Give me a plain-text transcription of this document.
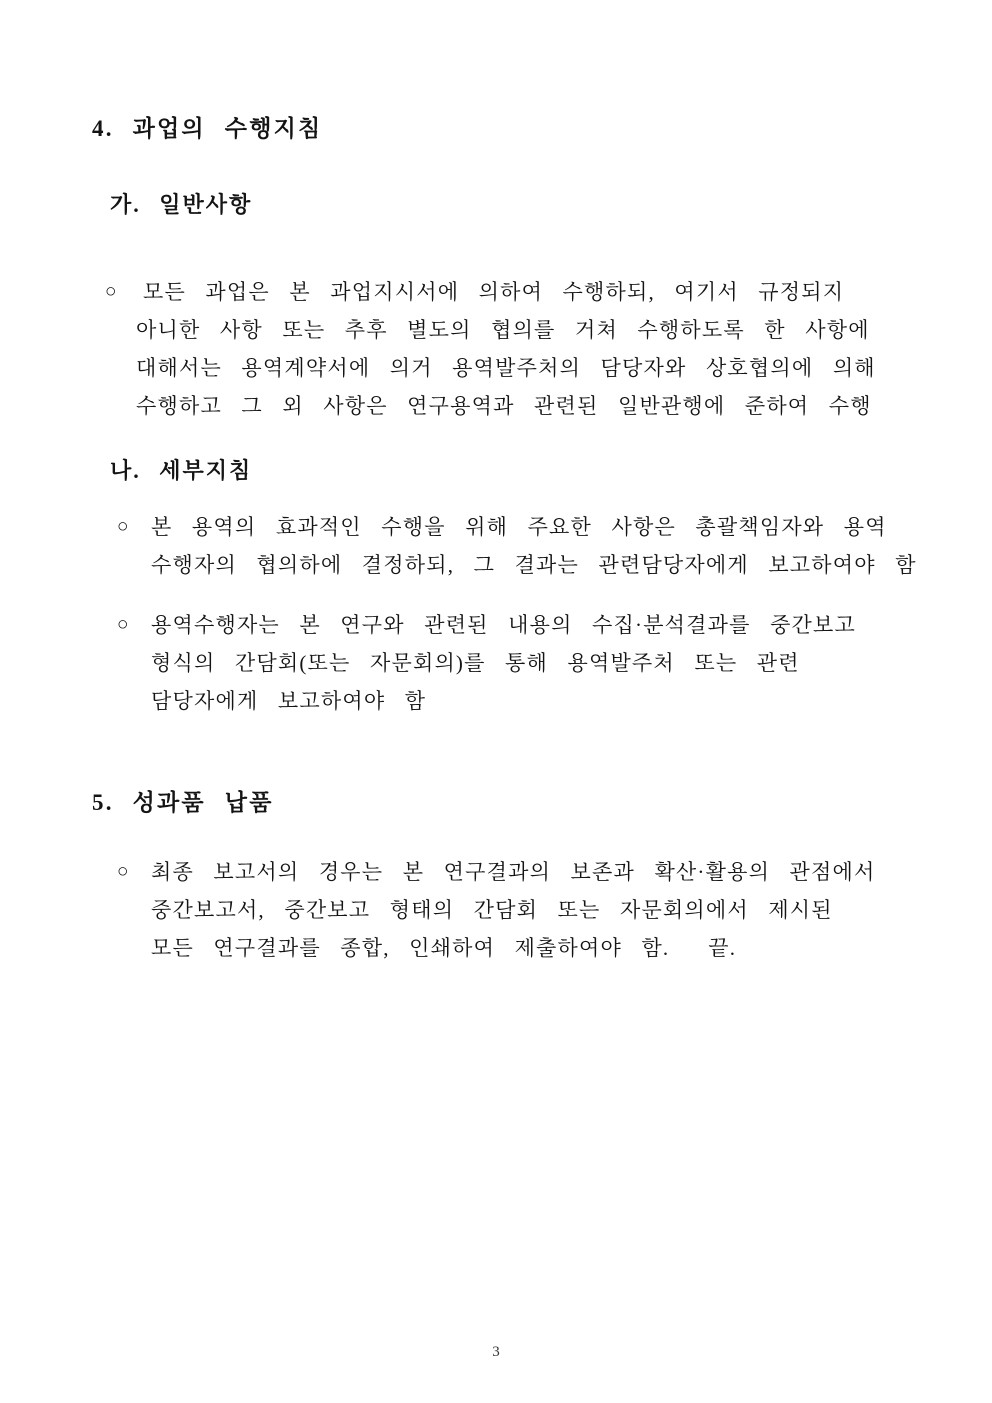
4. 과업의 수행지침
가. 일반사항
○	모든 과업은 본 과업지시서에 의하여 수행하되, 여기서 규정되지
아니한 사항 또는 추후 별도의 협의를 거쳐 수행하도록 한 사항에
대해서는 용역계약서에 의거 용역발주처의 담당자와 상호협의에 의해
수행하고 그 외 사항은 연구용역과 관련된 일반관행에 준하여 수행
나. 세부지침
○	본 용역의 효과적인 수행을 위해 주요한 사항은 총괄책임자와 용역
수행자의 협의하에 결정하되, 그 결과는 관련담당자에게 보고하여야 함
○	용역수행자는 본 연구와 관련된 내용의 수집·분석결과를 중간보고
형식의 간담회(또는 자문회의)를 통해 용역발주처 또는 관련
담당자에게 보고하여야 함
5. 성과품 납품
○	최종 보고서의 경우는 본 연구결과의 보존과 확산·활용의 관점에서
중간보고서, 중간보고 형태의 간담회 또는 자문회의에서 제시된
모든 연구결과를 종합, 인쇄하여 제출하여야 함.  끝.
3
